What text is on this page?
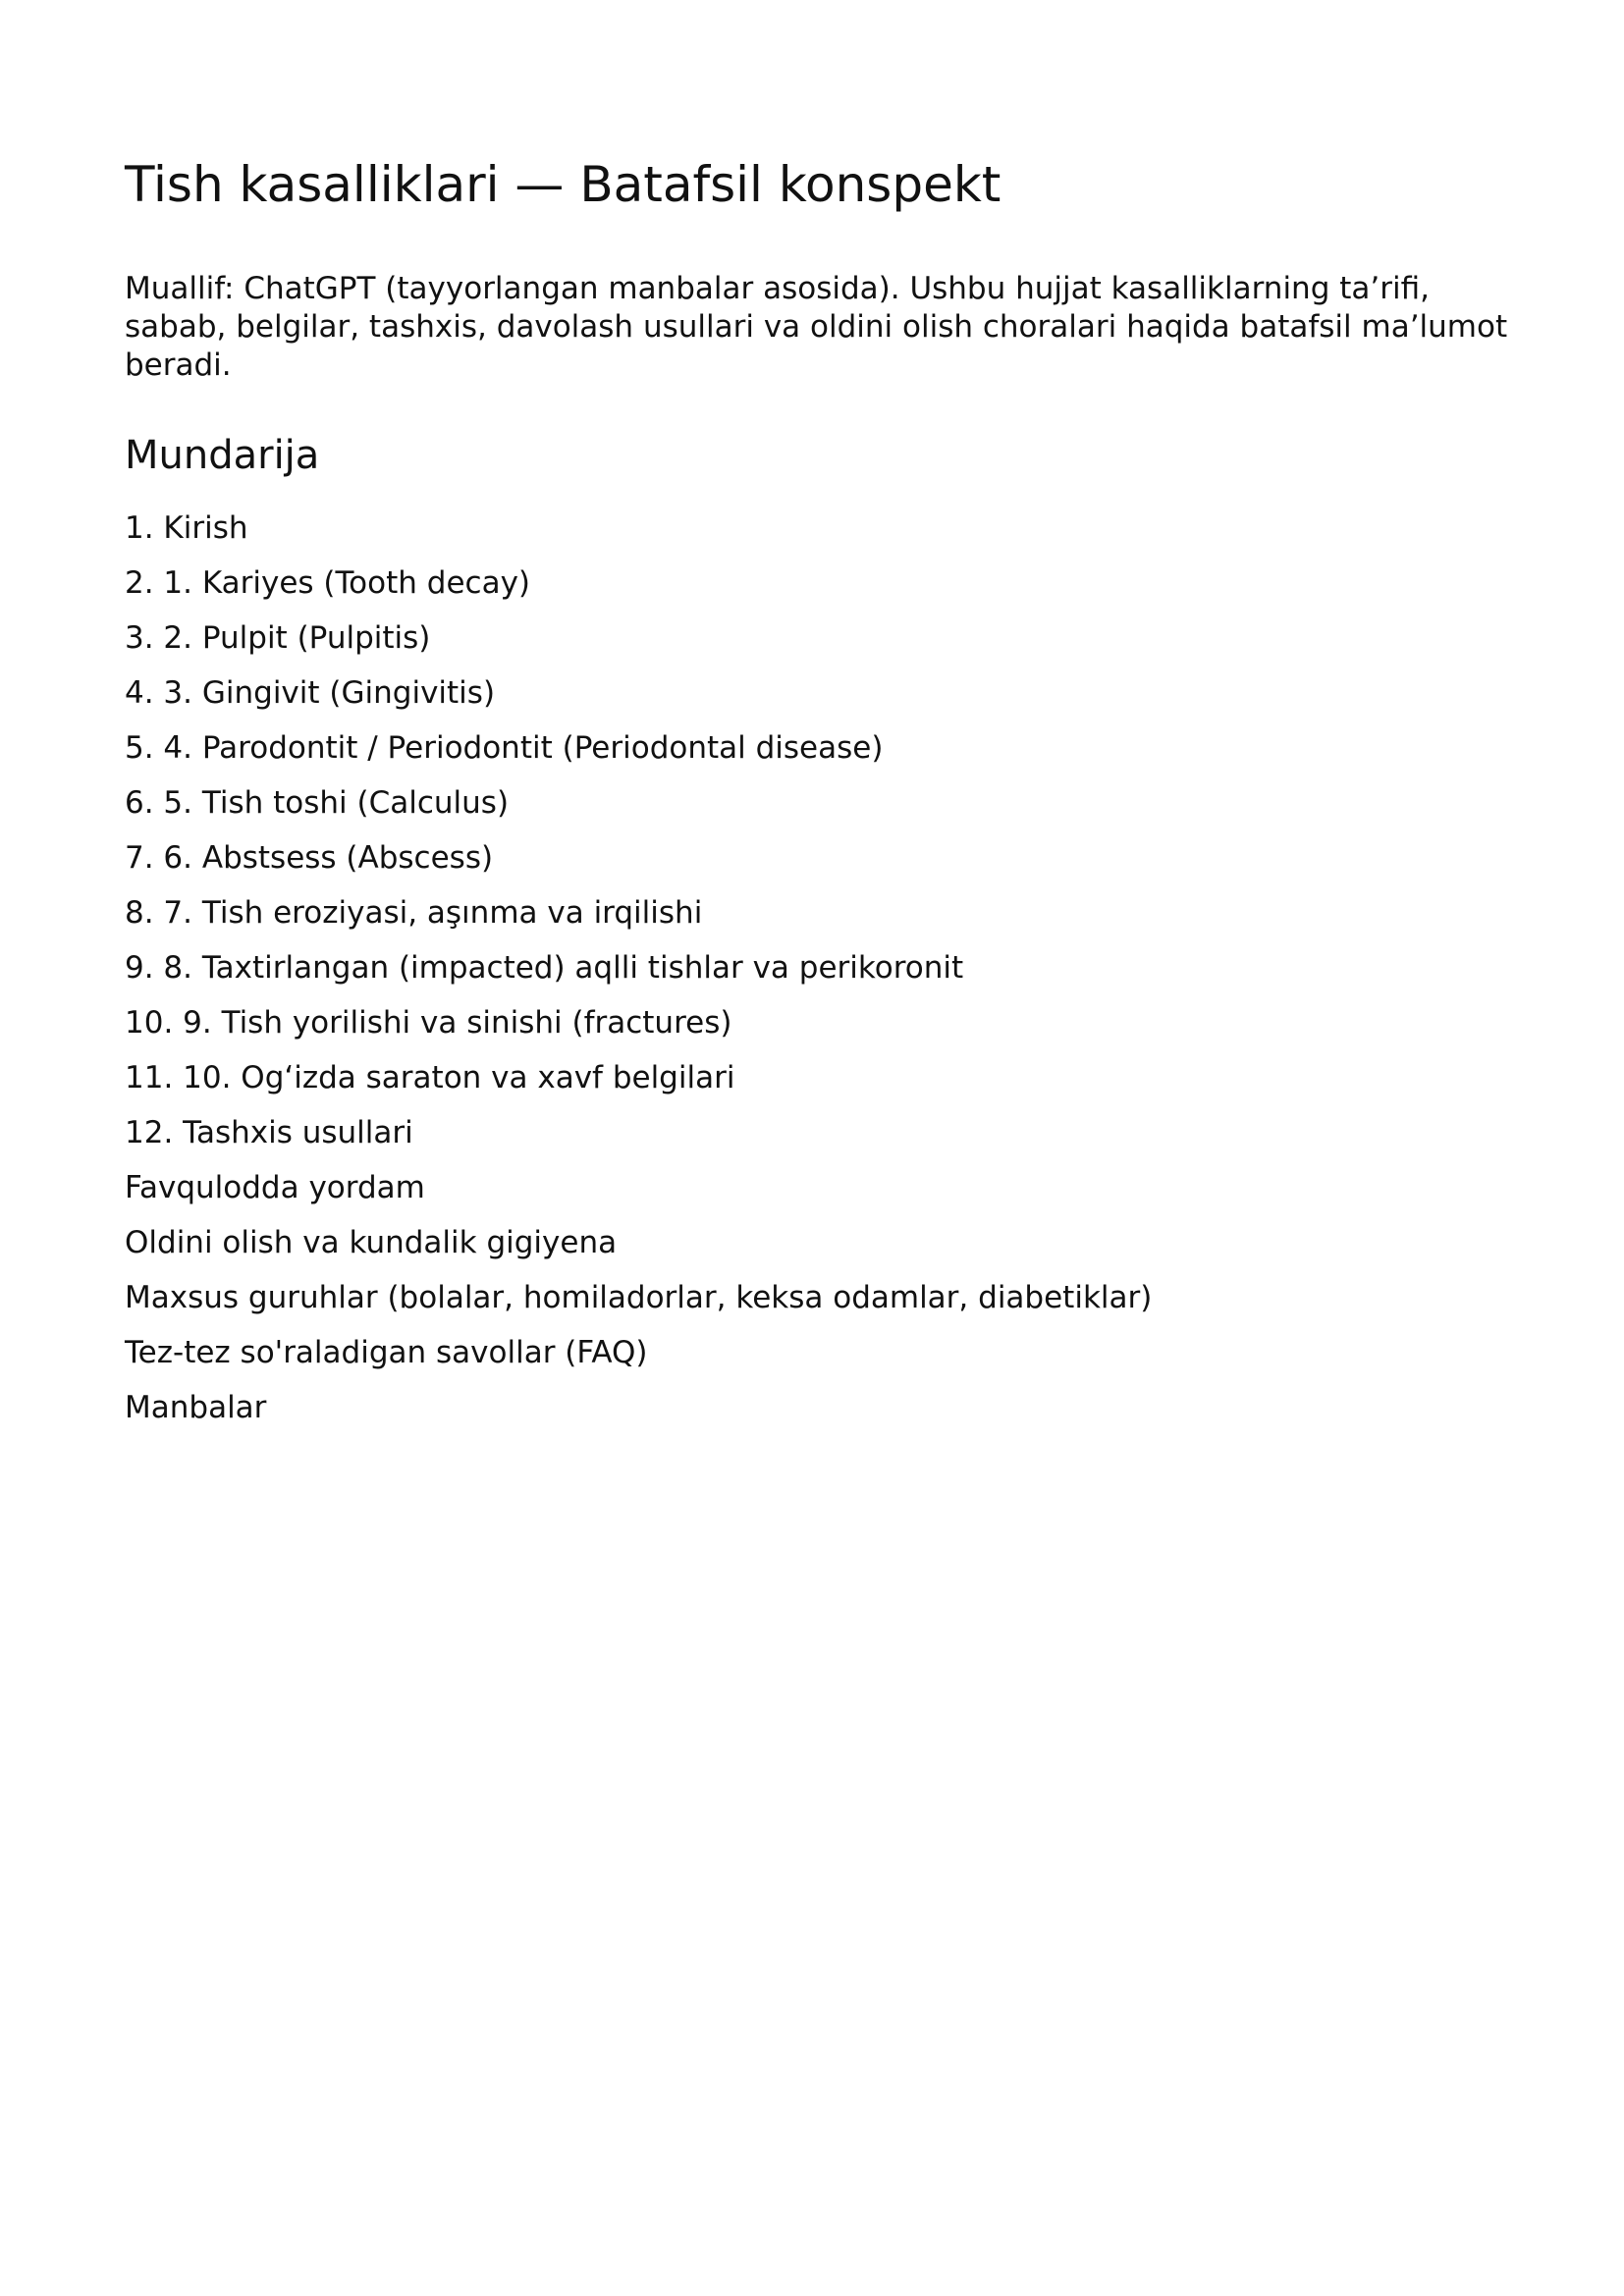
Tish kasalliklari — Batafsil konspekt

Muallif: ChatGPT (tayyorlangan manbalar asosida). Ushbu hujjat kasalliklarning ta’rifi, sabab, belgilar, tashxis, davolash usullari va oldini olish choralari haqida batafsil ma’lumot beradi.

Mundarija
1. Kirish
2. 1. Kariyes (Tooth decay)
3. 2. Pulpit (Pulpitis)
4. 3. Gingivit (Gingivitis)
5. 4. Parodontit / Periodontit (Periodontal disease)
6. 5. Tish toshi (Calculus)
7. 6. Abstsess (Abscess)
8. 7. Tish eroziyasi, aşınma va irqilishi
9. 8. Taxtirlangan (impacted) aqlli tishlar va perikoronit
10. 9. Tish yorilishi va sinishi (fractures)
11. 10. Og‘izda saraton va xavf belgilari
12. Tashxis usullari
Favqulodda yordam
Oldini olish va kundalik gigiyena
Maxsus guruhlar (bolalar, homiladorlar, keksa odamlar, diabetiklar)
Tez-tez so'raladigan savollar (FAQ)
Manbalar
